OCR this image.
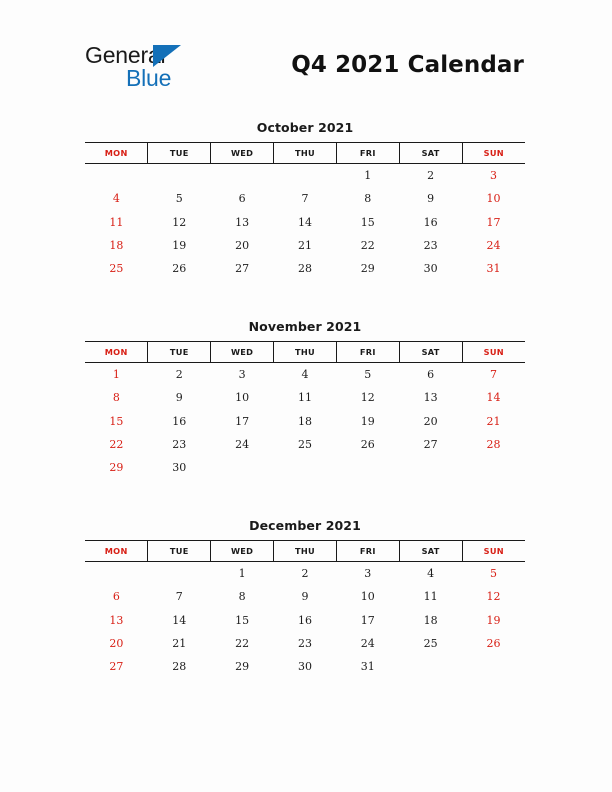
General
Blue	Q4 2021 Calendar
October 2021
MON	TUE	WED	THU	FRI	SAT	SUN
				1	2	3
4	5	6	7	8	9	10
11	12	13	14	15	16	17
18	19	20	21	22	23	24
25	26	27	28	29	30	31
November 2021
MON	TUE	WED	THU	FRI	SAT	SUN
1	2	3	4	5	6	7
8	9	10	11	12	13	14
15	16	17	18	19	20	21
22	23	24	25	26	27	28
29	30					
December 2021
MON	TUE	WED	THU	FRI	SAT	SUN
		1	2	3	4	5
6	7	8	9	10	11	12
13	14	15	16	17	18	19
20	21	22	23	24	25	26
27	28	29	30	31		
